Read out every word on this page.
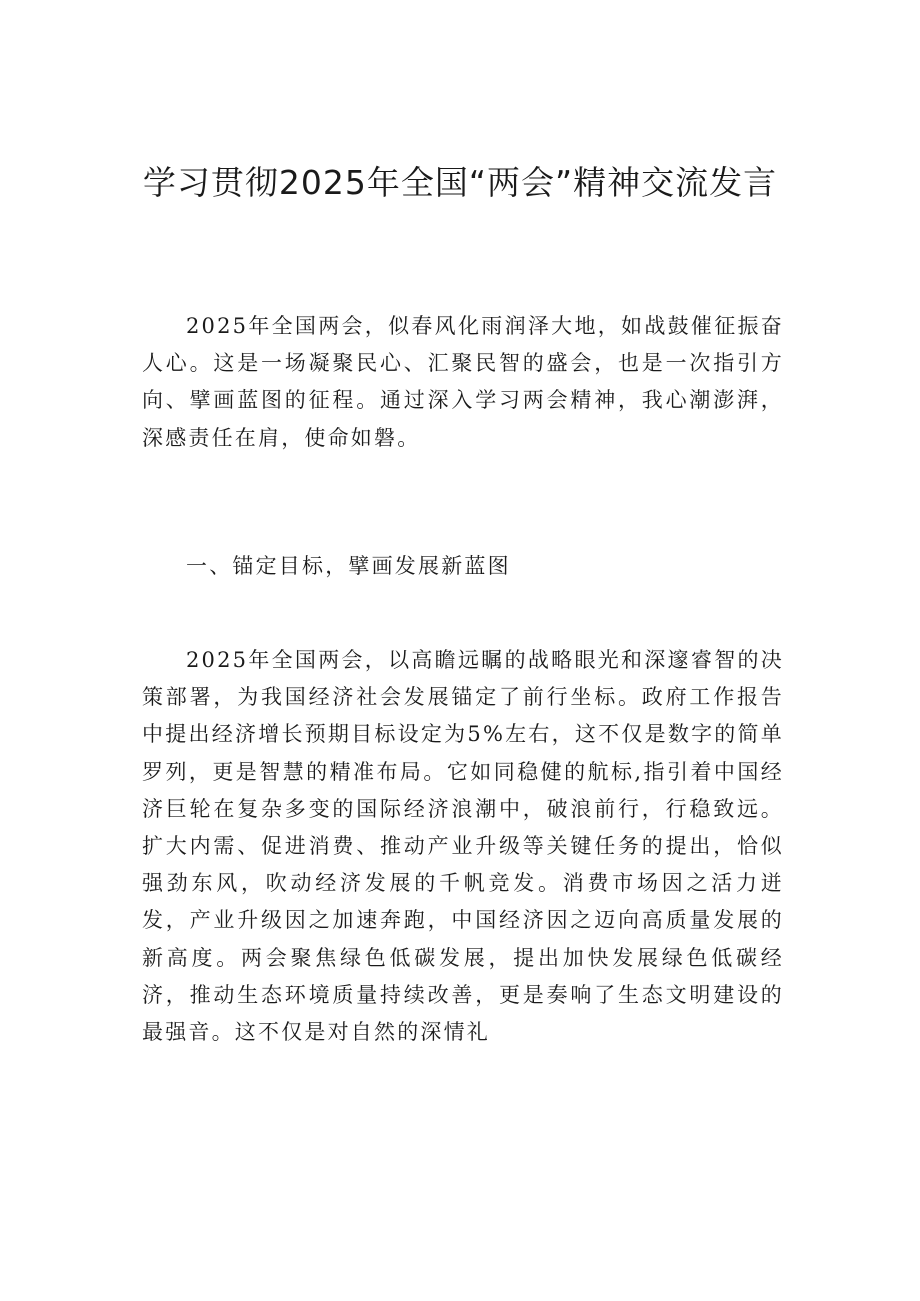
学习贯彻2025年全国“两会”精神交流发言

2025年全国两会，似春风化雨润泽大地，如战鼓催征振奋人心。这是一场凝聚民心、汇聚民智的盛会，也是一次指引方向、擘画蓝图的征程。通过深入学习两会精神，我心潮澎湃，深感责任在肩，使命如磐。

一、锚定目标，擘画发展新蓝图

2025年全国两会，以高瞻远瞩的战略眼光和深邃睿智的决策部署，为我国经济社会发展锚定了前行坐标。政府工作报告中提出经济增长预期目标设定为5%左右，这不仅是数字的简单罗列，更是智慧的精准布局。它如同稳健的航标,指引着中国经济巨轮在复杂多变的国际经济浪潮中，破浪前行，行稳致远。扩大内需、促进消费、推动产业升级等关键任务的提出，恰似强劲东风，吹动经济发展的千帆竞发。消费市场因之活力迸发，产业升级因之加速奔跑，中国经济因之迈向高质量发展的新高度。两会聚焦绿色低碳发展，提出加快发展绿色低碳经济，推动生态环境质量持续改善，更是奏响了生态文明建设的最强音。这不仅是对自然的深情礼
